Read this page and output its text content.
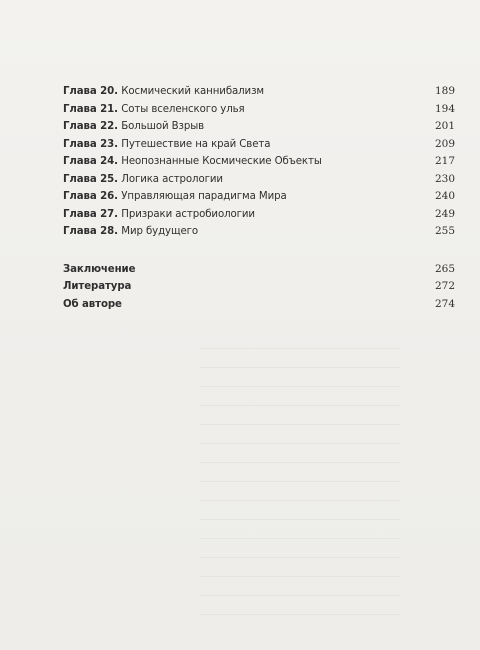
Глава 20. Космический каннибализм	189
Глава 21. Соты вселенского улья	194
Глава 22. Большой Взрыв	201
Глава 23. Путешествие на край Света	209
Глава 24. Неопознанные Космические Объекты	217
Глава 25. Логика астрологии	230
Глава 26. Управляющая парадигма Мира	240
Глава 27. Призраки астробиологии	249
Глава 28. Мир будущего	255
Заключение	265
Литература	272
Об авторе	274
